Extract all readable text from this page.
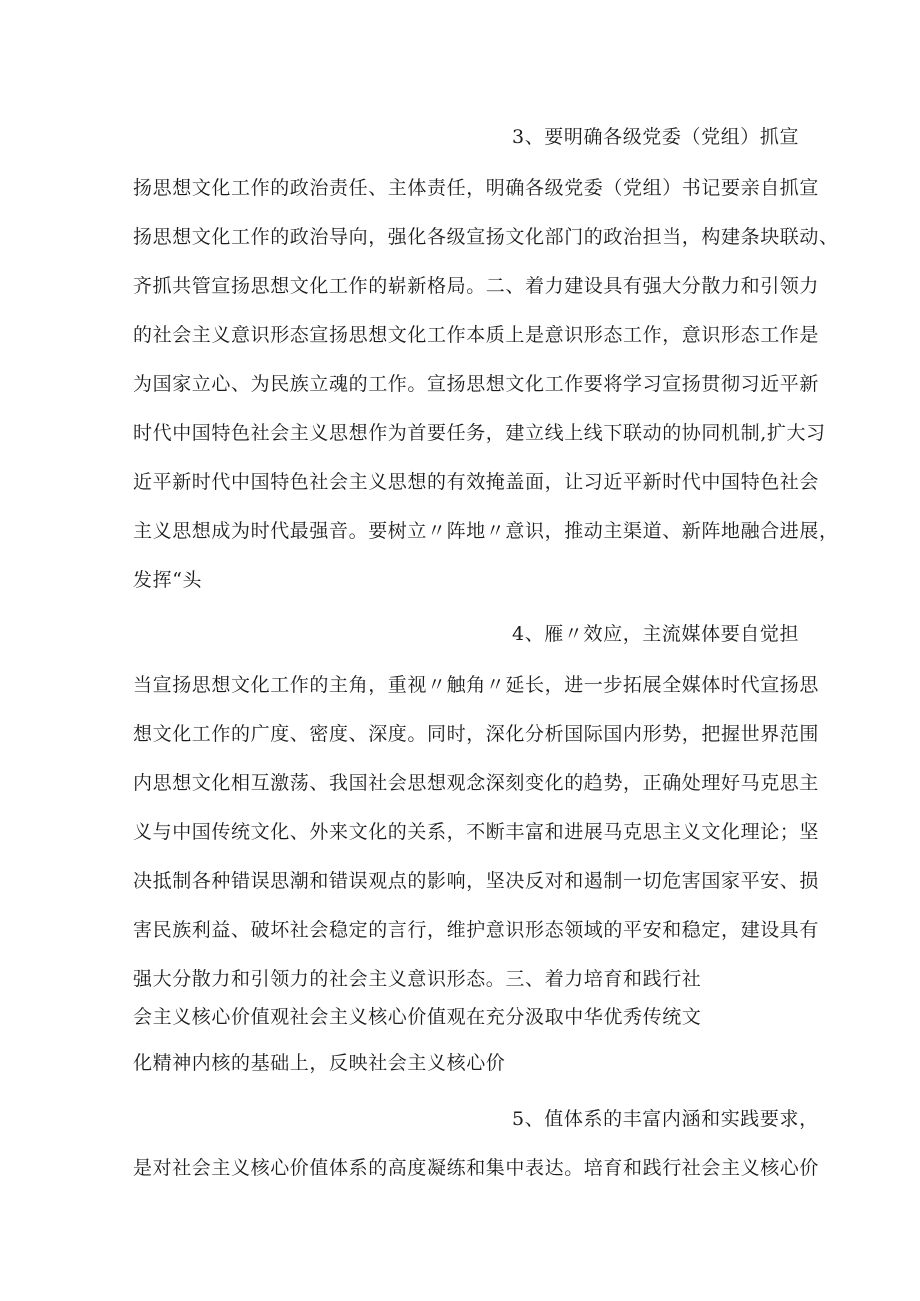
3、要明确各级党委（党组）抓宣
扬思想文化工作的政治责任、主体责任，明确各级党委（党组）书记要亲自抓宣
扬思想文化工作的政治导向，强化各级宣扬文化部门的政治担当，构建条块联动、
齐抓共管宣扬思想文化工作的崭新格局。二、着力建设具有强大分散力和引领力
的社会主义意识形态宣扬思想文化工作本质上是意识形态工作，意识形态工作是
为国家立心、为民族立魂的工作。宣扬思想文化工作要将学习宣扬贯彻习近平新
时代中国特色社会主义思想作为首要任务，建立线上线下联动的协同机制,扩大习
近平新时代中国特色社会主义思想的有效掩盖面，让习近平新时代中国特色社会
主义思想成为时代最强音。要树立〃阵地〃意识，推动主渠道、新阵地融合进展，
发挥“头
4、雁〃效应，主流媒体要自觉担
当宣扬思想文化工作的主角，重视〃触角〃延长，进一步拓展全媒体时代宣扬思
想文化工作的广度、密度、深度。同时，深化分析国际国内形势，把握世界范围
内思想文化相互激荡、我国社会思想观念深刻变化的趋势，正确处理好马克思主
义与中国传统文化、外来文化的关系，不断丰富和进展马克思主义文化理论；坚
决抵制各种错误思潮和错误观点的影响，坚决反对和遏制一切危害国家平安、损
害民族利益、破坏社会稳定的言行，维护意识形态领域的平安和稳定，建设具有
强大分散力和引领力的社会主义意识形态。三、着力培育和践行社
会主义核心价值观社会主义核心价值观在充分汲取中华优秀传统文
化精神内核的基础上，反映社会主义核心价
5、值体系的丰富内涵和实践要求，
是对社会主义核心价值体系的高度凝练和集中表达。培育和践行社会主义核心价
